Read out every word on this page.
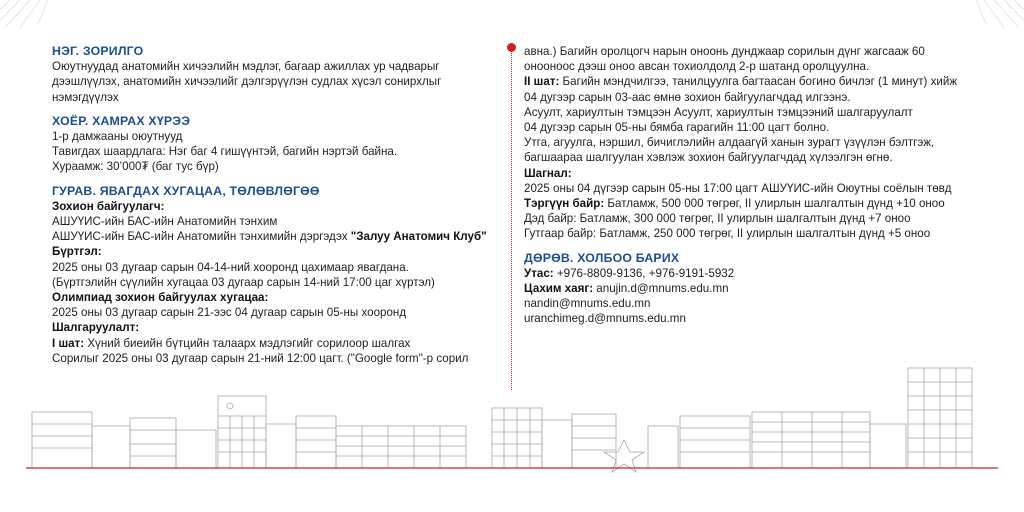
НЭГ. ЗОРИЛГО
Оюутнуудад анатомийн хичээлийн мэдлэг, багаар ажиллах ур чадварыг
дээшлүүлэх, анатомийн хичээлийг дэлгэрүүлэн судлах хүсэл сонирхлыг
нэмэгдүүлэх
ХОЁР. ХАМРАХ ХҮРЭЭ
1-р дамжааны оюутнууд
Тавигдах шаардлага: Нэг баг 4 гишүүнтэй, багийн нэртэй байна.
Хураамж: 30’000₮ (баг тус бүр)
ГУРАВ. ЯВАГДАХ ХУГАЦАА, ТӨЛӨВЛӨГӨӨ
Зохион байгуулагч:
АШУҮИС-ийн БАС-ийн Анатомийн тэнхим
АШУҮИС-ийн БАС-ийн Анатомийн тэнхимийн дэргэдэх "Залуу Анатомич Клуб"
Бүртгэл:
2025 оны 03 дугаар сарын 04-14-ний хооронд цахимаар явагдана.
(Бүртгэлийн сүүлийн хугацаа 03 дугаар сарын 14-ний 17:00 цаг хүртэл)
Олимпиад зохион байгуулах хугацаа:
2025 оны 03 дугаар сарын 21-ээс 04 дугаар сарын 05-ны хооронд
Шалгаруулалт:
I шат: Хүний биеийн бүтцийн талаарх мэдлэгийг сорилоор шалгах
Сорилыг 2025 оны 03 дугаар сарын 21-ний 12:00 цагт. ("Google form"-р сорил
авна.) Багийн оролцогч нарын оноонь дунджаар сорилын дүнг жагсааж 60
онооноос дээш оноо авсан тохиолдолд 2-р шатанд оролцуулна.
II шат: Багийн мэндчилгээ, танилцуулга багтаасан богино бичлэг (1 минут) хийж
04 дугээр сарын 03-аас өмнө зохион байгуулагчдад илгээнэ.
Асуулт, хариултын тэмцээн Асуулт, хариултын тэмцээний шалгаруулалт
04 дугээр сарын 05-ны бямба гарагийн 11:00 цагт болно.
Утга, агуулга, нэршил, бичиглэлийн алдаагүй ханын зурагт үзүүлэн бэлтгэж,
багшаараа шалгуулан хэвлэж зохион байгуулагчдад хүлээлгэн өгнө.
Шагнал:
2025 оны 04 дүгээр сарын 05-ны 17:00 цагт АШУҮИС-ийн Оюутны соёлын төвд
Тэргүүн байр: Батламж, 500 000 төгрөг, II улирлын шалгалтын дүнд +10 оноо
Дэд байр: Батламж, 300 000 төгрөг, II улирлын шалгалтын дүнд +7 оноо
Гутгаар байр: Батламж, 250 000 төгрөг, II улирлын шалгалтын дүнд +5 оноо
ДӨРӨВ. ХОЛБОО БАРИХ
Утас: +976-8809-9136, +976-9191-5932
Цахим хаяг: anujin.d@mnums.edu.mn
nandin@mnums.edu.mn
uranchimeg.d@mnums.edu.mn
